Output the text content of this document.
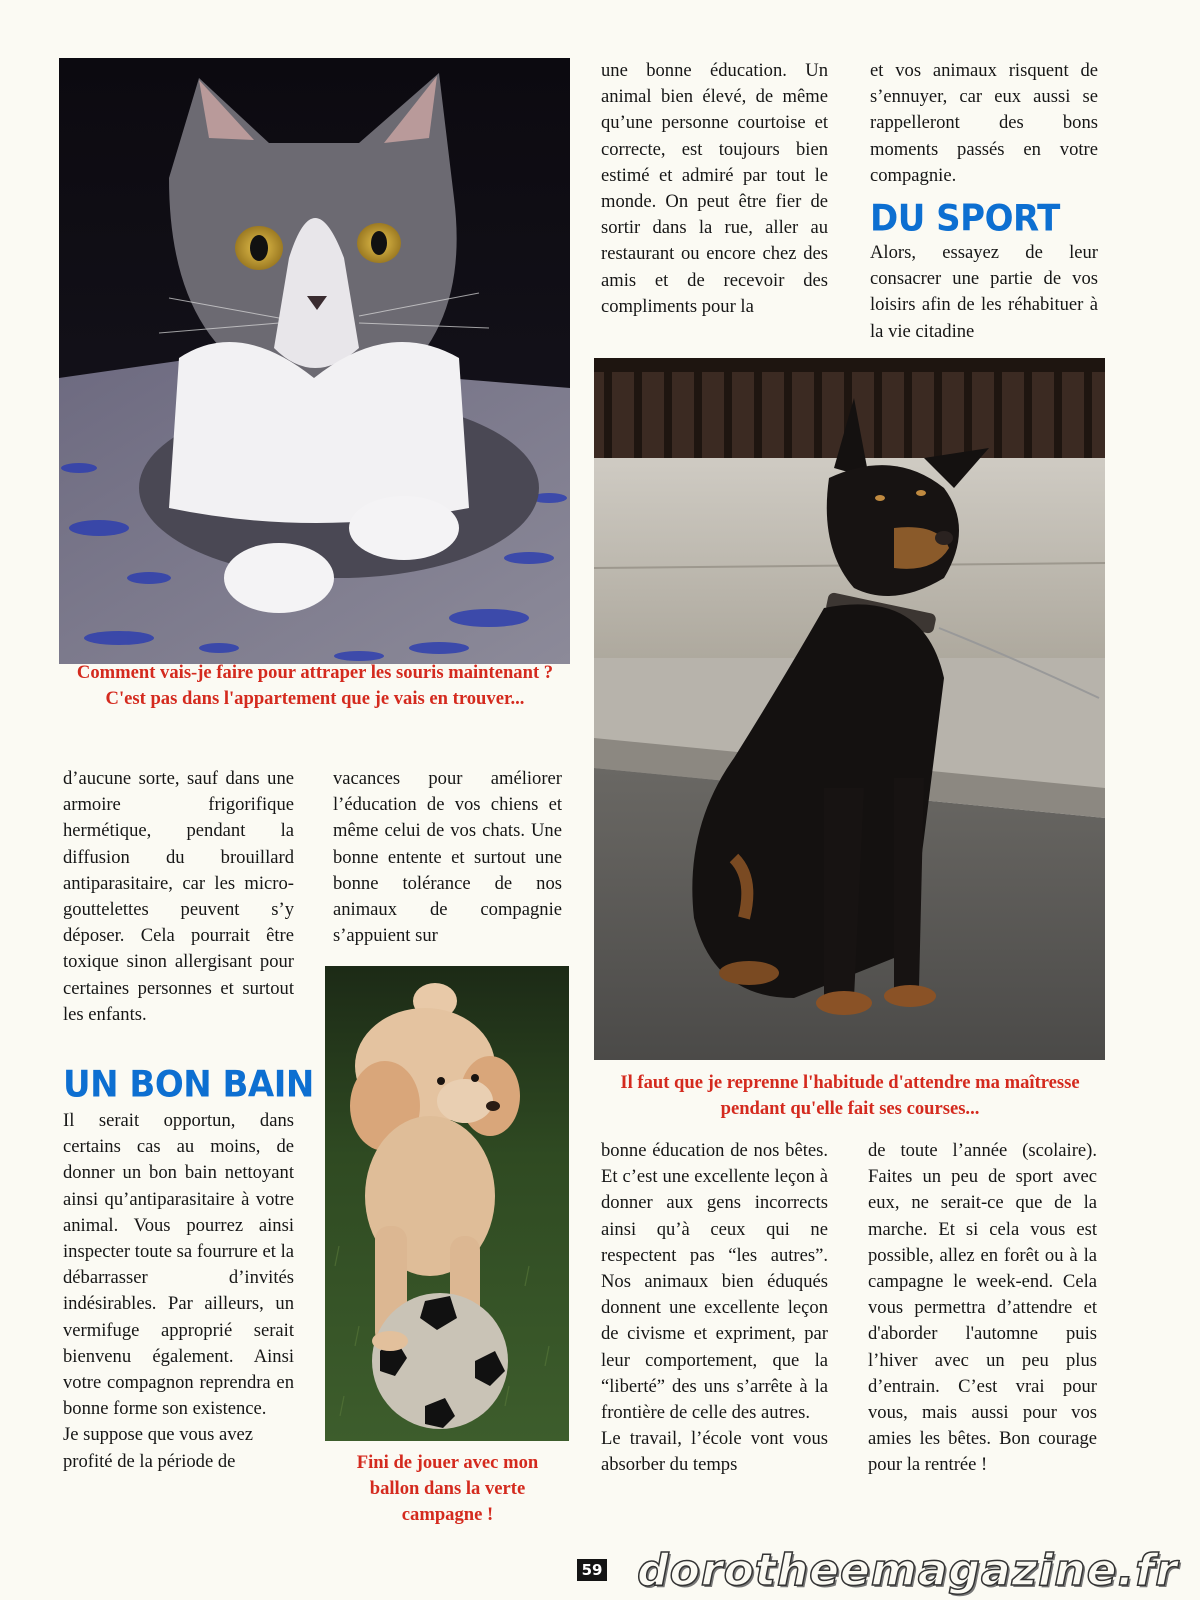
Comment vais-je faire pour attraper les souris maintenant ? C'est pas dans l'appartement que je vais en trouver...

une bonne éducation. Un animal bien élevé, de même qu’une personne courtoise et correcte, est toujours bien estimé et admiré par tout le monde. On peut être fier de sortir dans la rue, aller au restaurant ou encore chez des amis et de recevoir des compliments pour la

et vos animaux risquent de s’ennuyer, car eux aussi se rappelleront des bons moments passés en votre compagnie.

DU SPORT

Alors, essayez de leur consacrer une partie de vos loisirs afin de les réhabituer à la vie citadine

Il faut que je reprenne l'habitude d'attendre ma maîtresse pendant qu'elle fait ses courses...

d’aucune sorte, sauf dans une armoire frigorifique hermétique, pendant la diffusion du brouillard antiparasitaire, car les micro-gouttelettes peuvent s’y déposer. Cela pourrait être toxique sinon allergisant pour certaines personnes et surtout les enfants.

UN BON BAIN

Il serait opportun, dans certains cas au moins, de donner un bon bain nettoyant ainsi qu’antiparasitaire à votre animal. Vous pourrez ainsi inspecter toute sa fourrure et la débarrasser d’invités indésirables. Par ailleurs, un vermifuge approprié serait bienvenu également. Ainsi votre compagnon reprendra en bonne forme son existence.

Je suppose que vous avez profité de la période de

vacances pour améliorer l’éducation de vos chiens et même celui de vos chats. Une bonne entente et surtout une bonne tolérance de nos animaux de compagnie s’appuient sur

Fini de jouer avec mon ballon dans la verte campagne !

bonne éducation de nos bêtes. Et c’est une excellente leçon à donner aux gens incorrects ainsi qu’à ceux qui ne respectent pas “les autres”. Nos animaux bien éduqués donnent une excellente leçon de civisme et expriment, par leur comportement, que la “liberté” des uns s’arrête à la frontière de celle des autres.

Le travail, l’école vont vous absorber du temps

de toute l’année (scolaire). Faites un peu de sport avec eux, ne serait-ce que de la marche. Et si cela vous est possible, allez en forêt ou à la campagne le week-end. Cela vous permettra d’attendre et d'aborder l'automne puis l’hiver avec un peu plus d’entrain. C’est vrai pour vous, mais aussi pour vos amies les bêtes. Bon courage pour la rentrée !

59 dorotheemagazine.fr
